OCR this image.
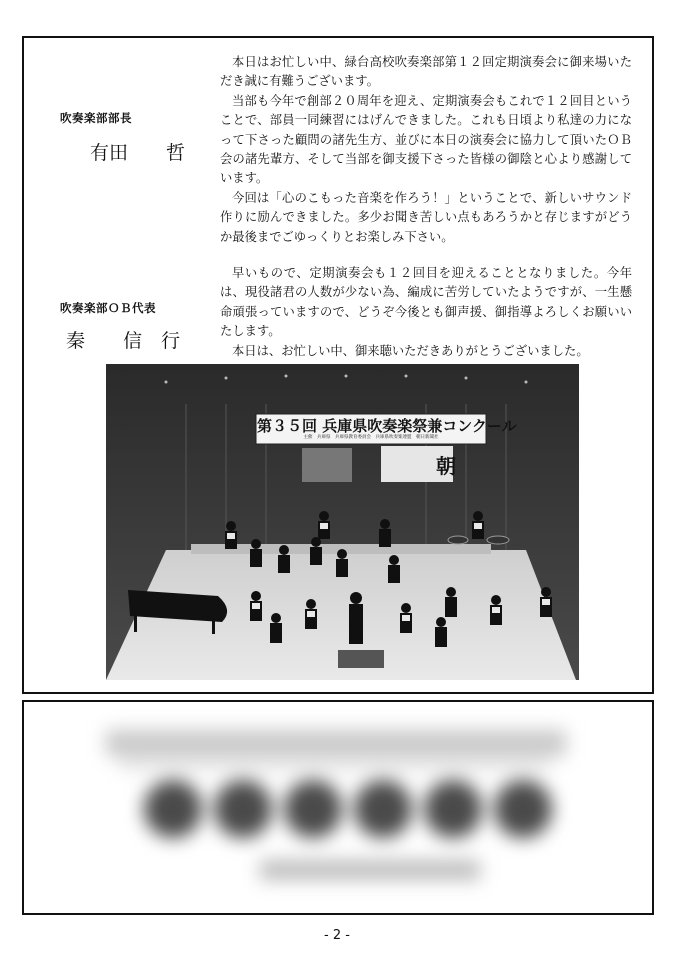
吹奏楽部部長
有田　　哲

本日はお忙しい中、緑台高校吹奏楽部第１２回定期演奏会に御来場いただき誠に有難うございます。

当部も今年で創部２０周年を迎え、定期演奏会もこれで１２回目ということで、部員一同練習にはげんできました。これも日頃より私達の力になって下さった顧問の諸先生方、並びに本日の演奏会に協力して頂いたＯＢ会の諸先輩方、そして当部を御支援下さった皆様の御陰と心より感謝しています。

今回は「心のこもった音楽を作ろう！」ということで、新しいサウンド作りに励んできました。多少お聞き苦しい点もあろうかと存じますがどうか最後までごゆっくりとお楽しみ下さい。

吹奏楽部ＯＢ代表
秦　　信　行

早いもので、定期演奏会も１２回目を迎えることとなりました。今年は、現役諸君の人数が少ない為、編成に苦労していたようですが、一生懸命頑張っていますので、どうぞ今後とも御声援、御指導よろしくお願いいたします。

本日は、お忙しい中、御来聴いただきありがとうございました。

第３５回 兵庫県吹奏楽祭兼コンクール
主催　兵庫県　兵庫県教育委員会　兵庫県吹奏楽連盟　朝日新聞社
朝
- 2 -
